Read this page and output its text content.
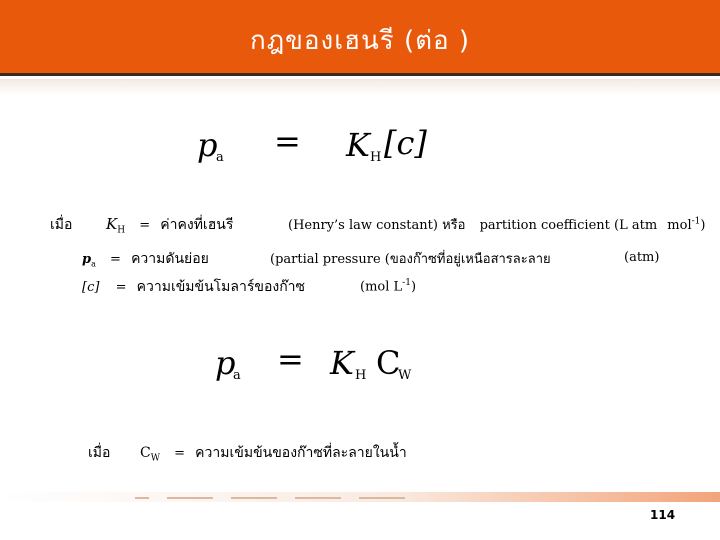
กฎของเฮนรี (ต่อ )
p
a = K H [c]
เมื่อ $K_H$ = ค่าคงที่เฮนรี	(Henry’s law constant) หรือ partition coefficient (L atm mol$^{-1}$)
$p_a$ = ความดันย่อย	(partial pressure (ของก๊าซที่อยู่เหนือสารละลาย	(atm)
[c] = ความเข้มข้นโมลาร์ของก๊าซ	(mol $L^{-1}$)
p
a = K H C
W
เมื่อ $C_W$ = ความเข้มข้นของก๊าซที่ละลายในน้ำ
114
